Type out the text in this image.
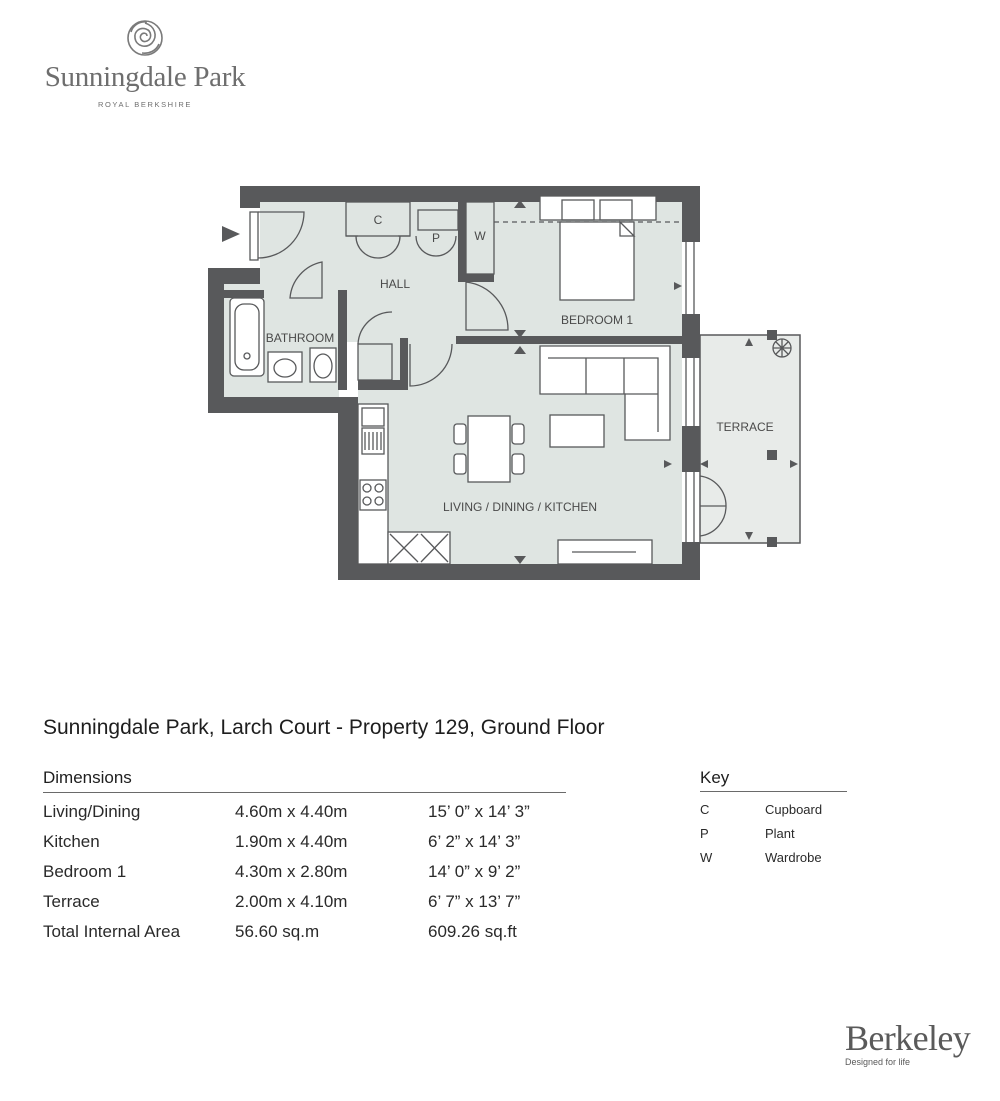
Sunningdale Park
ROYAL BERKSHIRE
C
P	W
HALL
BATHROOM
BEDROOM 1
LIVING / DINING / KITCHEN
TERRACE
Sunningdale Park, Larch Court - Property 129, Ground Floor
Dimensions
Living/Dining	4.60m x 4.40m	15’ 0” x 14’ 3”
Kitchen	1.90m x 4.40m	6’ 2” x 14’ 3”
Bedroom 1	4.30m x 2.80m	14’ 0” x 9’ 2”
Terrace	2.00m x 4.10m	6’ 7” x 13’ 7”
Total Internal Area	56.60 sq.m	609.26 sq.ft
Key
C	Cupboard
P	Plant
W	Wardrobe
Berkeley
Designed for life
